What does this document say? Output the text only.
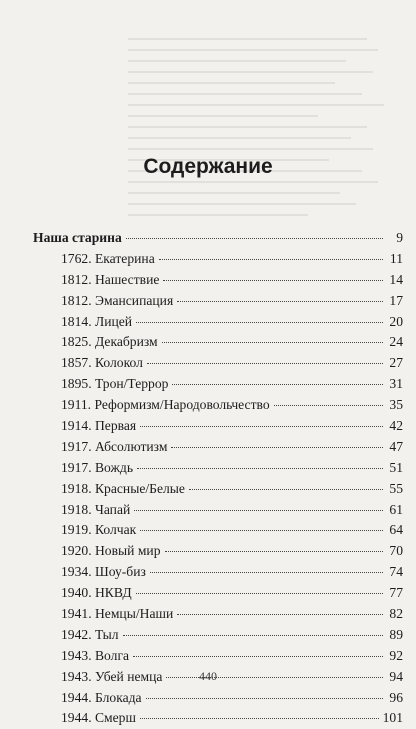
Содержание
Наша старина	9
1762. Екатерина	11
1812. Нашествие	14
1812. Эмансипация	17
1814. Лицей	20
1825. Декабризм	24
1857. Колокол	27
1895. Трон/Террор	31
1911. Реформизм/Народовольчество	35
1914. Первая	42
1917. Абсолютизм	47
1917. Вождь	51
1918. Красные/Белые	55
1918. Чапай	61
1919. Колчак	64
1920. Новый мир	70
1934. Шоу-биз	74
1940. НКВД	77
1941. Немцы/Наши	82
1942. Тыл	89
1943. Волга	92
1943. Убей немца	94
1944. Блокада	96
1944. Смерш	101
440
